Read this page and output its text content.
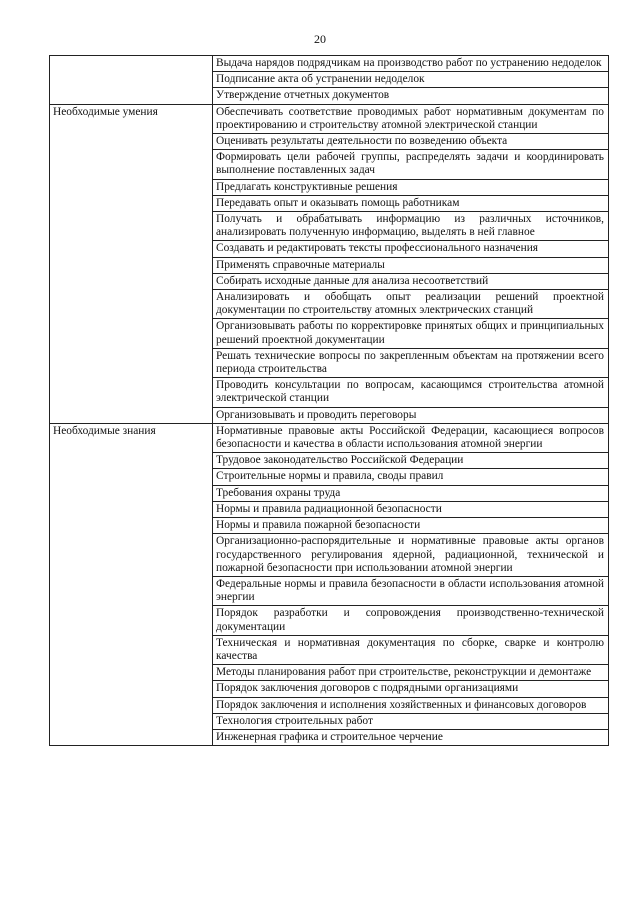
20

	Выдача нарядов подрядчикам на производство работ по устранению недоделок

	Подписание акта об устранении недоделок

	Утверждение отчетных документов

Необходимые умения	Обеспечивать соответствие проводимых работ нормативным документам по проектированию и строительству атомной электрической станции

	Оценивать результаты деятельности по возведению объекта

	Формировать цели рабочей группы, распределять задачи и координировать выполнение поставленных задач

	Предлагать конструктивные решения

	Передавать опыт и оказывать помощь работникам

	Получать и обрабатывать информацию из различных источников, анализировать полученную информацию, выделять в ней главное

	Создавать и редактировать тексты профессионального назначения

	Применять справочные материалы

	Собирать исходные данные для анализа несоответствий

	Анализировать и обобщать опыт реализации решений проектной документации по строительству атомных электрических станций

	Организовывать работы по корректировке принятых общих и принципиальных решений проектной документации

	Решать технические вопросы по закрепленным объектам на протяжении всего периода строительства

	Проводить консультации по вопросам, касающимся строительства атомной электрической станции

	Организовывать и проводить переговоры

Необходимые знания	Нормативные правовые акты Российской Федерации, касающиеся вопросов безопасности и качества в области использования атомной энергии

	Трудовое законодательство Российской Федерации

	Строительные нормы и правила, своды правил

	Требования охраны труда

	Нормы и правила радиационной безопасности

	Нормы и правила пожарной безопасности

	Организационно-распорядительные и нормативные правовые акты органов государственного регулирования ядерной, радиационной, технической и пожарной безопасности при использовании атомной энергии

	Федеральные нормы и правила безопасности в области использования атомной энергии

	Порядок разработки и сопровождения производственно-технической документации

	Техническая и нормативная документация по сборке, сварке и контролю качества

	Методы планирования работ при строительстве, реконструкции и демонтаже

	Порядок заключения договоров с подрядными организациями

	Порядок заключения и исполнения хозяйственных и финансовых договоров

	Технология строительных работ

	Инженерная графика и строительное черчение
